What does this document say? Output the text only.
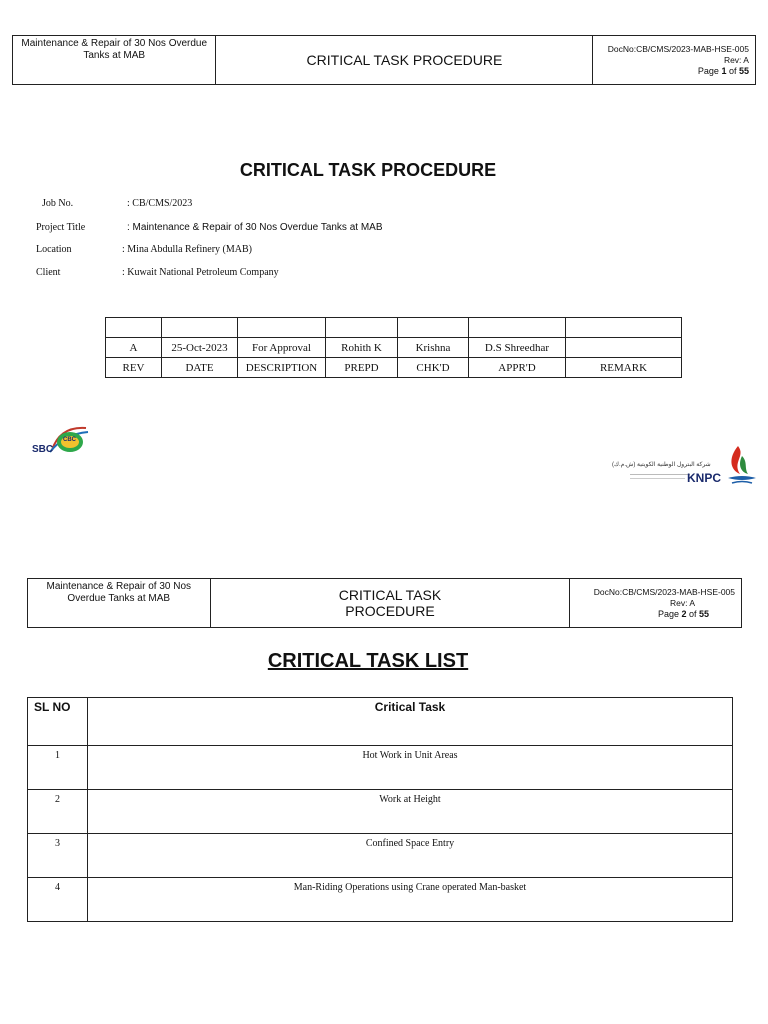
Maintenance & Repair of 30 Nos Overdue Tanks at MAB	CRITICAL TASK PROCEDURE
DocNo:CB/CMS/2023-MAB-HSE-005
Rev: A
Page 1 of 55
CRITICAL TASK PROCEDURE
Job No.	: CB/CMS/2023
Project Title	: Maintenance & Repair of 30 Nos Overdue Tanks at MAB
Location	: Mina Abdulla Refinery (MAB)
Client	: Kuwait National Petroleum Company

A	25-Oct-2023	For Approval	Rohith K	Krishna	D.S Shreedhar	
REV	DATE	DESCRIPTION	PREPD	CHK'D	APPR'D	REMARK
SBC
CBC
شركة البترول الوطنية الكويتية (ش.م.ك)
KNPC
Maintenance & Repair of 30 Nos Overdue Tanks at MAB	CRITICAL TASK PROCEDURE
DocNo:CB/CMS/2023-MAB-HSE-005
Rev: A
Page 2 of 55
CRITICAL TASK LIST
SL NO	Critical Task
1	Hot Work in Unit Areas
2	Work at Height
3	Confined Space Entry
4	Man-Riding Operations using Crane operated Man-basket
